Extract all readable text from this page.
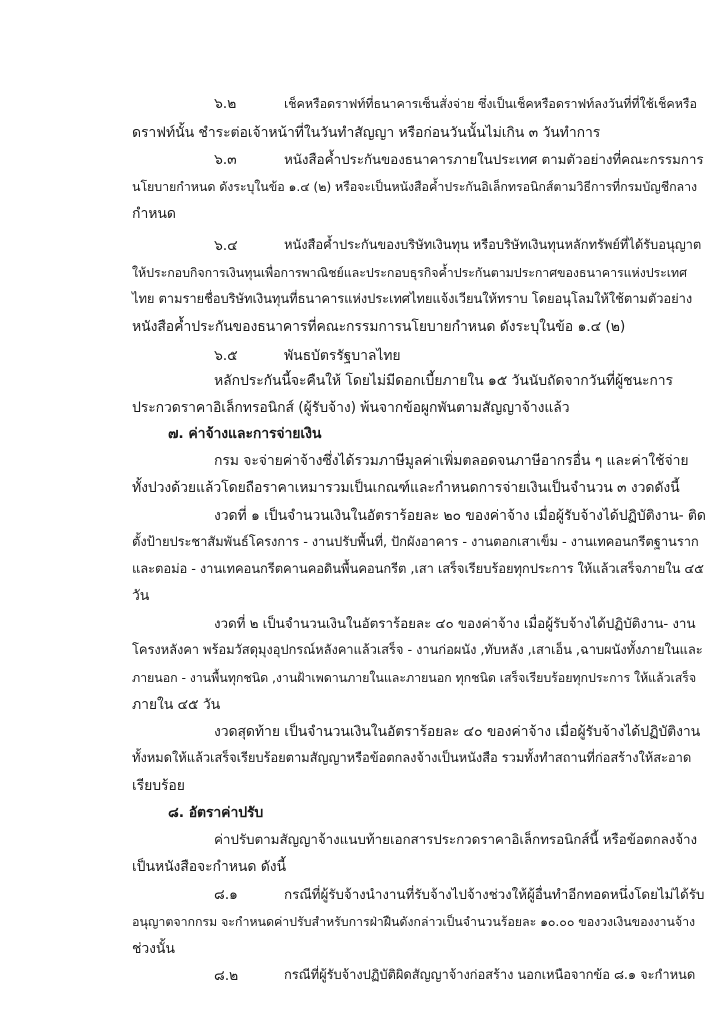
๖.๒	เช็คหรือดราฟท์ที่ธนาคารเซ็นสั่งจ่าย ซึ่งเป็นเช็คหรือดราฟท์ลงวันที่ที่ใช้เช็คหรือ
ดราฟท์นั้น ชำระต่อเจ้าหน้าที่ในวันทำสัญญา หรือก่อนวันนั้นไม่เกิน ๓ วันทำการ
๖.๓	หนังสือค้ำประกันของธนาคารภายในประเทศ ตามตัวอย่างที่คณะกรรมการ
นโยบายกำหนด ดังระบุในข้อ ๑.๔ (๒) หรือจะเป็นหนังสือค้ำประกันอิเล็กทรอนิกส์ตามวิธีการที่กรมบัญชีกลาง
กำหนด
๖.๔	หนังสือค้ำประกันของบริษัทเงินทุน หรือบริษัทเงินทุนหลักทรัพย์ที่ได้รับอนุญาต
ให้ประกอบกิจการเงินทุนเพื่อการพาณิชย์และประกอบธุรกิจค้ำประกันตามประกาศของธนาคารแห่งประเทศ
ไทย ตามรายชื่อบริษัทเงินทุนที่ธนาคารแห่งประเทศไทยแจ้งเวียนให้ทราบ โดยอนุโลมให้ใช้ตามตัวอย่าง
หนังสือค้ำประกันของธนาคารที่คณะกรรมการนโยบายกำหนด ดังระบุในข้อ ๑.๔ (๒)
๖.๕	พันธบัตรรัฐบาลไทย
หลักประกันนี้จะคืนให้ โดยไม่มีดอกเบี้ยภายใน ๑๕ วันนับถัดจากวันที่ผู้ชนะการ
ประกวดราคาอิเล็กทรอนิกส์ (ผู้รับจ้าง) พ้นจากข้อผูกพันตามสัญญาจ้างแล้ว
๗. ค่าจ้างและการจ่ายเงิน
กรม จะจ่ายค่าจ้างซึ่งได้รวมภาษีมูลค่าเพิ่มตลอดจนภาษีอากรอื่น ๆ และค่าใช้จ่าย
ทั้งปวงด้วยแล้วโดยถือราคาเหมารวมเป็นเกณฑ์และกำหนดการจ่ายเงินเป็นจำนวน ๓ งวดดังนี้
งวดที่ ๑ เป็นจำนวนเงินในอัตราร้อยละ ๒๐ ของค่าจ้าง เมื่อผู้รับจ้างได้ปฏิบัติงาน- ติด
ตั้งป้ายประชาสัมพันธ์โครงการ - งานปรับพื้นที่, ปักผังอาคาร - งานตอกเสาเข็ม - งานเทคอนกรีตฐานราก
และตอม่อ - งานเทคอนกรีตคานคอดินพื้นคอนกรีต ,เสา เสร็จเรียบร้อยทุกประการ ให้แล้วเสร็จภายใน ๔๕
วัน
งวดที่ ๒ เป็นจำนวนเงินในอัตราร้อยละ ๔๐ ของค่าจ้าง เมื่อผู้รับจ้างได้ปฏิบัติงาน- งาน
โครงหลังคา พร้อมวัสดุมุงอุปกรณ์หลังคาแล้วเสร็จ - งานก่อผนัง ,ทับหลัง ,เสาเอ็น ,ฉาบผนังทั้งภายในและ
ภายนอก - งานพื้นทุกชนิด ,งานฝ้าเพดานภายในและภายนอก ทุกชนิด เสร็จเรียบร้อยทุกประการ ให้แล้วเสร็จ
ภายใน ๔๕ วัน
งวดสุดท้าย เป็นจำนวนเงินในอัตราร้อยละ ๔๐ ของค่าจ้าง เมื่อผู้รับจ้างได้ปฏิบัติงาน
ทั้งหมดให้แล้วเสร็จเรียบร้อยตามสัญญาหรือข้อตกลงจ้างเป็นหนังสือ รวมทั้งทำสถานที่ก่อสร้างให้สะอาด
เรียบร้อย
๘. อัตราค่าปรับ
ค่าปรับตามสัญญาจ้างแนบท้ายเอกสารประกวดราคาอิเล็กทรอนิกส์นี้ หรือข้อตกลงจ้าง
เป็นหนังสือจะกำหนด ดังนี้
๘.๑	กรณีที่ผู้รับจ้างนำงานที่รับจ้างไปจ้างช่วงให้ผู้อื่นทำอีกทอดหนึ่งโดยไม่ได้รับ
อนุญาตจากกรม จะกำหนดค่าปรับสำหรับการฝ่าฝืนดังกล่าวเป็นจำนวนร้อยละ ๑๐.๐๐ ของวงเงินของงานจ้าง
ช่วงนั้น
๘.๒	กรณีที่ผู้รับจ้างปฏิบัติผิดสัญญาจ้างก่อสร้าง นอกเหนือจากข้อ ๘.๑ จะกำหนด
